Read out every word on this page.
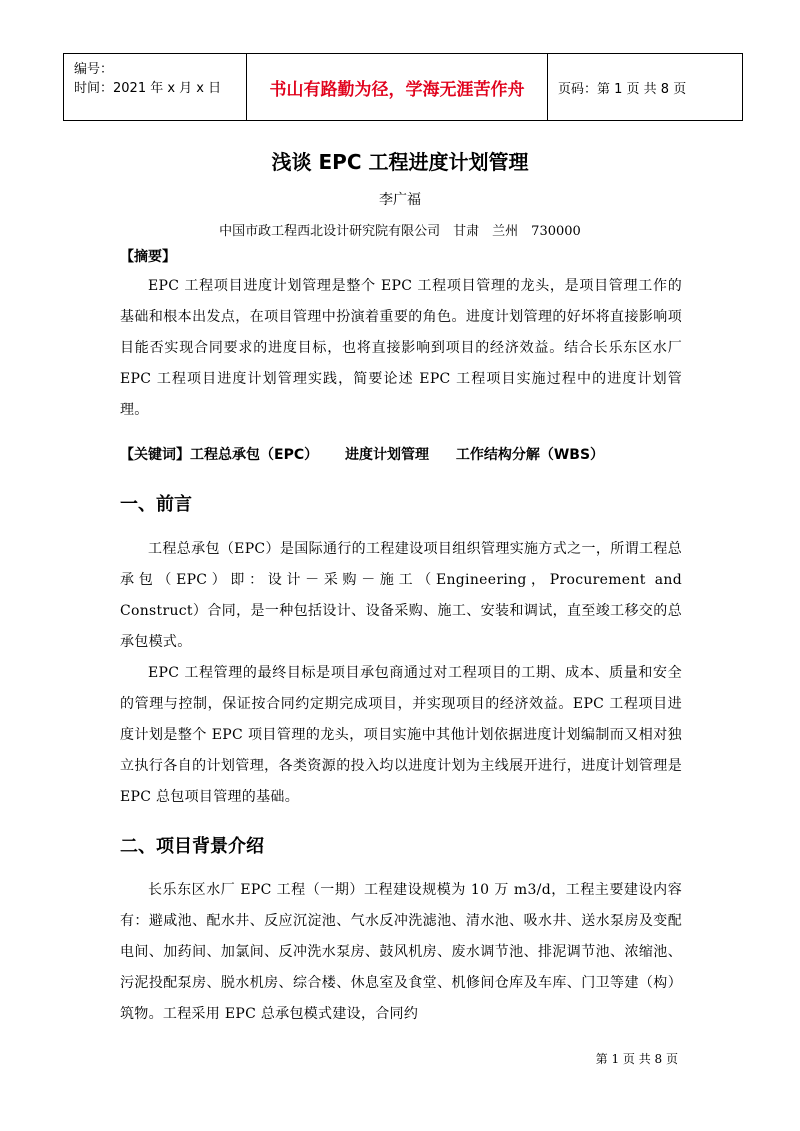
编号：
时间：2021 年 x 月 x 日	书山有路勤为径，学海无涯苦作舟	页码：第 1 页 共 8 页
浅谈 EPC 工程进度计划管理
李广福
中国市政工程西北设计研究院有限公司　甘肃　兰州　730000
【摘要】

EPC 工程项目进度计划管理是整个 EPC 工程项目管理的龙头，是项目管理工作的基础和根本出发点，在项目管理中扮演着重要的角色。进度计划管理的好坏将直接影响项目能否实现合同要求的进度目标，也将直接影响到项目的经济效益。结合长乐东区水厂 EPC 工程项目进度计划管理实践，简要论述 EPC 工程项目实施过程中的进度计划管理。

【关键词】工程总承包（EPC） 进度计划管理 工作结构分解（WBS）
一、前言

工程总承包（EPC）是国际通行的工程建设项目组织管理实施方式之一，所谓工程总承包（EPC）即：设计－采购－施工（Engineering，Procurement and Construct）合同，是一种包括设计、设备采购、施工、安装和调试，直至竣工移交的总承包模式。

EPC 工程管理的最终目标是项目承包商通过对工程项目的工期、成本、质量和安全的管理与控制，保证按合同约定期完成项目，并实现项目的经济效益。EPC 工程项目进度计划是整个 EPC 项目管理的龙头，项目实施中其他计划依据进度计划编制而又相对独立执行各自的计划管理，各类资源的投入均以进度计划为主线展开进行，进度计划管理是 EPC 总包项目管理的基础。

二、项目背景介绍

长乐东区水厂 EPC 工程（一期）工程建设规模为 10 万 m3/d，工程主要建设内容有：避咸池、配水井、反应沉淀池、气水反冲洗滤池、清水池、吸水井、送水泵房及变配电间、加药间、加氯间、反冲洗水泵房、鼓风机房、废水调节池、排泥调节池、浓缩池、污泥投配泵房、脱水机房、综合楼、休息室及食堂、机修间仓库及车库、门卫等建（构）筑物。工程采用 EPC 总承包模式建设，合同约

第 1 页 共 8 页
